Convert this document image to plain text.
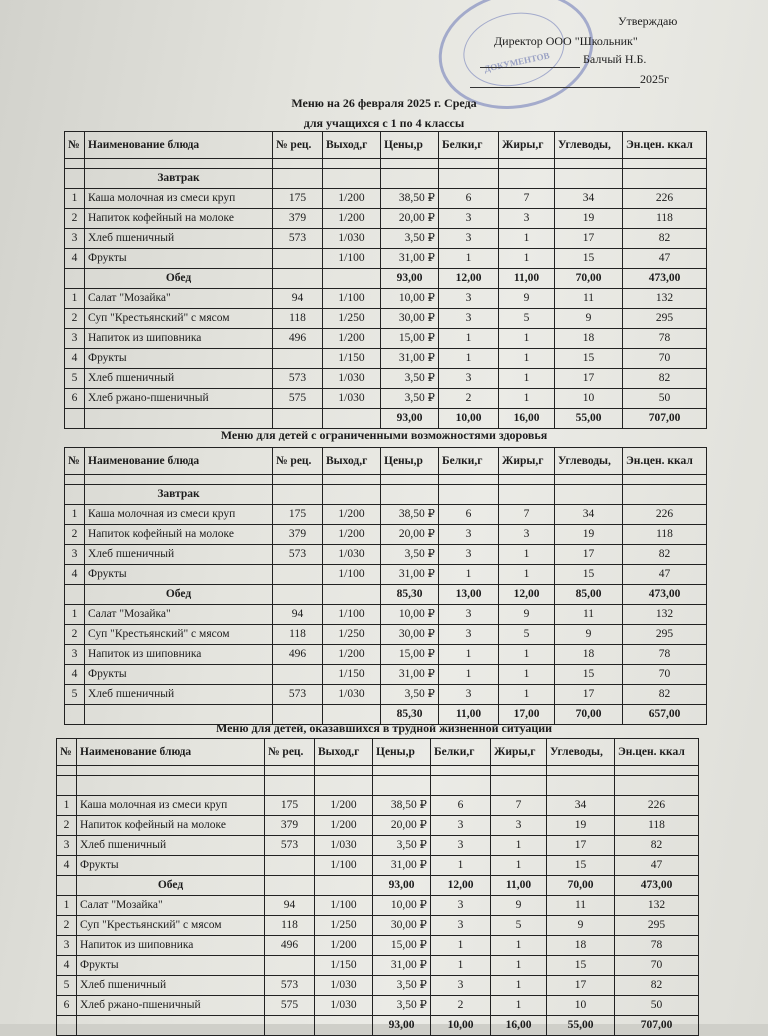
ДОКУМЕНТОВ
Утверждаю
Директор ООО "Школьник"
Балчый Н.Б.
2025г
Меню на 26 февраля 2025 г. Среда
для учащихся с 1 по 4 классы
№	Наименование блюда	№ рец.	Выход,г	Цены,р	Белки,г	Жиры,г	Углеводы,	Эн.цен. ккал

	Завтрак							
1	Каша молочная из смеси круп	175	1/200	38,50 ₽	6	7	34	226
2	Напиток кофейный на молоке	379	1/200	20,00 ₽	3	3	19	118
3	Хлеб пшеничный	573	1/030	3,50 ₽	3	1	17	82
4	Фрукты		1/100	31,00 ₽	1	1	15	47
	Обед			93,00	12,00	11,00	70,00	473,00
1	Салат "Мозайка"	94	1/100	10,00 ₽	3	9	11	132
2	Суп "Крестьянский" с мясом	118	1/250	30,00 ₽	3	5	9	295
3	Напиток из шиповника	496	1/200	15,00 ₽	1	1	18	78
4	Фрукты		1/150	31,00 ₽	1	1	15	70
5	Хлеб пшеничный	573	1/030	3,50 ₽	3	1	17	82
6	Хлеб ржано-пшеничный	575	1/030	3,50 ₽	2	1	10	50
				93,00	10,00	16,00	55,00	707,00
№	Наименование блюда	№ рец.	Выход,г	Цены,р	Белки,г	Жиры,г	Углеводы,	Эн.цен. ккал

	Завтрак							
1	Каша молочная из смеси круп	175	1/200	38,50 ₽	6	7	34	226
2	Напиток кофейный на молоке	379	1/200	20,00 ₽	3	3	19	118
3	Хлеб пшеничный	573	1/030	3,50 ₽	3	1	17	82
4	Фрукты		1/100	31,00 ₽	1	1	15	47
	Обед			85,30	13,00	12,00	85,00	473,00
1	Салат "Мозайка"	94	1/100	10,00 ₽	3	9	11	132
2	Суп "Крестьянский" с мясом	118	1/250	30,00 ₽	3	5	9	295
3	Напиток из шиповника	496	1/200	15,00 ₽	1	1	18	78
4	Фрукты		1/150	31,00 ₽	1	1	15	70
5	Хлеб пшеничный	573	1/030	3,50 ₽	3	1	17	82
				85,30	11,00	17,00	70,00	657,00
№	Наименование блюда	№ рец.	Выход,г	Цены,р	Белки,г	Жиры,г	Углеводы,	Эн.цен. ккал

1	Каша молочная из смеси круп	175	1/200	38,50 ₽	6	7	34	226
2	Напиток кофейный на молоке	379	1/200	20,00 ₽	3	3	19	118
3	Хлеб пшеничный	573	1/030	3,50 ₽	3	1	17	82
4	Фрукты		1/100	31,00 ₽	1	1	15	47
	Обед			93,00	12,00	11,00	70,00	473,00
1	Салат "Мозайка"	94	1/100	10,00 ₽	3	9	11	132
2	Суп "Крестьянский" с мясом	118	1/250	30,00 ₽	3	5	9	295
3	Напиток из шиповника	496	1/200	15,00 ₽	1	1	18	78
4	Фрукты		1/150	31,00 ₽	1	1	15	70
5	Хлеб пшеничный	573	1/030	3,50 ₽	3	1	17	82
6	Хлеб ржано-пшеничный	575	1/030	3,50 ₽	2	1	10	50
				93,00	10,00	16,00	55,00	707,00
Меню для детей с ограниченными возможностями здоровья
Меню для детей, оказавшихся в трудной жизненной ситуации
